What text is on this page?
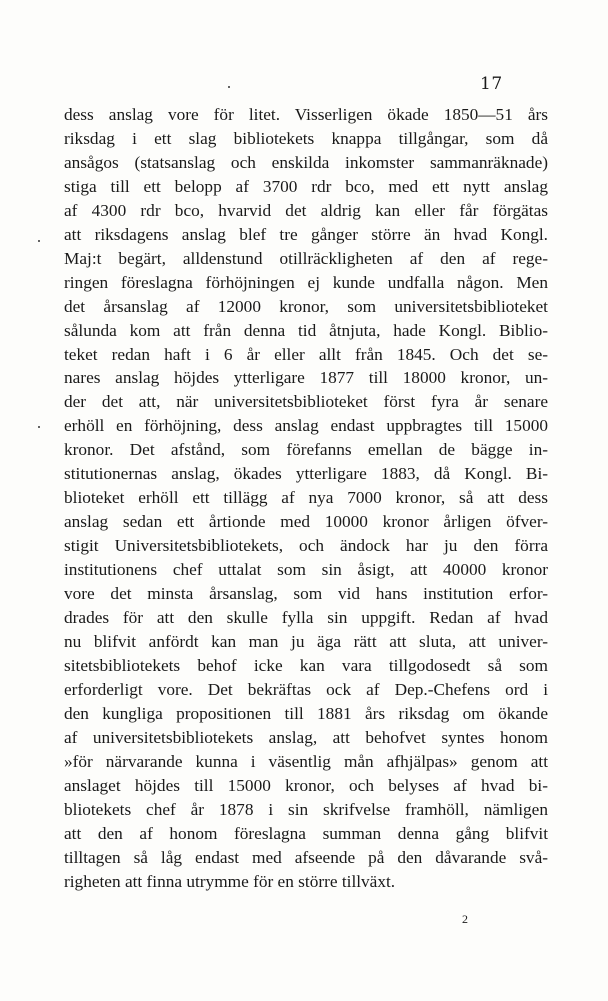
17
dess anslag vore för litet. Visserligen ökade 1850—51 års
riksdag i ett slag bibliotekets knappa tillgångar, som då
ansågos (statsanslag och enskilda inkomster sammanräknade)
stiga till ett belopp af 3700 rdr bco, med ett nytt anslag
af 4300 rdr bco, hvarvid det aldrig kan eller får förgätas
att riksdagens anslag blef tre gånger större än hvad Kongl.
Maj:t begärt, alldenstund otillräckligheten af den af rege-
ringen föreslagna förhöjningen ej kunde undfalla någon. Men
det årsanslag af 12000 kronor, som universitetsbiblioteket
sålunda kom att från denna tid åtnjuta, hade Kongl. Biblio-
teket redan haft i 6 år eller allt från 1845. Och det se-
nares anslag höjdes ytterligare 1877 till 18000 kronor, un-
der det att, när universitetsbiblioteket först fyra år senare
erhöll en förhöjning, dess anslag endast uppbragtes till 15000
kronor. Det afstånd, som förefanns emellan de bägge in-
stitutionernas anslag, ökades ytterligare 1883, då Kongl. Bi-
blioteket erhöll ett tillägg af nya 7000 kronor, så att dess
anslag sedan ett årtionde med 10000 kronor årligen öfver-
stigit Universitetsbibliotekets, och ändock har ju den förra
institutionens chef uttalat som sin åsigt, att 40000 kronor
vore det minsta årsanslag, som vid hans institution erfor-
drades för att den skulle fylla sin uppgift. Redan af hvad
nu blifvit anfördt kan man ju äga rätt att sluta, att univer-
sitetsbibliotekets behof icke kan vara tillgodosedt så som
erforderligt vore. Det bekräftas ock af Dep.-Chefens ord i
den kungliga propositionen till 1881 års riksdag om ökande
af universitetsbibliotekets anslag, att behofvet syntes honom
»för närvarande kunna i väsentlig mån afhjälpas» genom att
anslaget höjdes till 15000 kronor, och belyses af hvad bi-
bliotekets chef år 1878 i sin skrifvelse framhöll, nämligen
att den af honom föreslagna summan denna gång blifvit
tilltagen så låg endast med afseende på den dåvarande svå-
righeten att finna utrymme för en större tillväxt.
2
